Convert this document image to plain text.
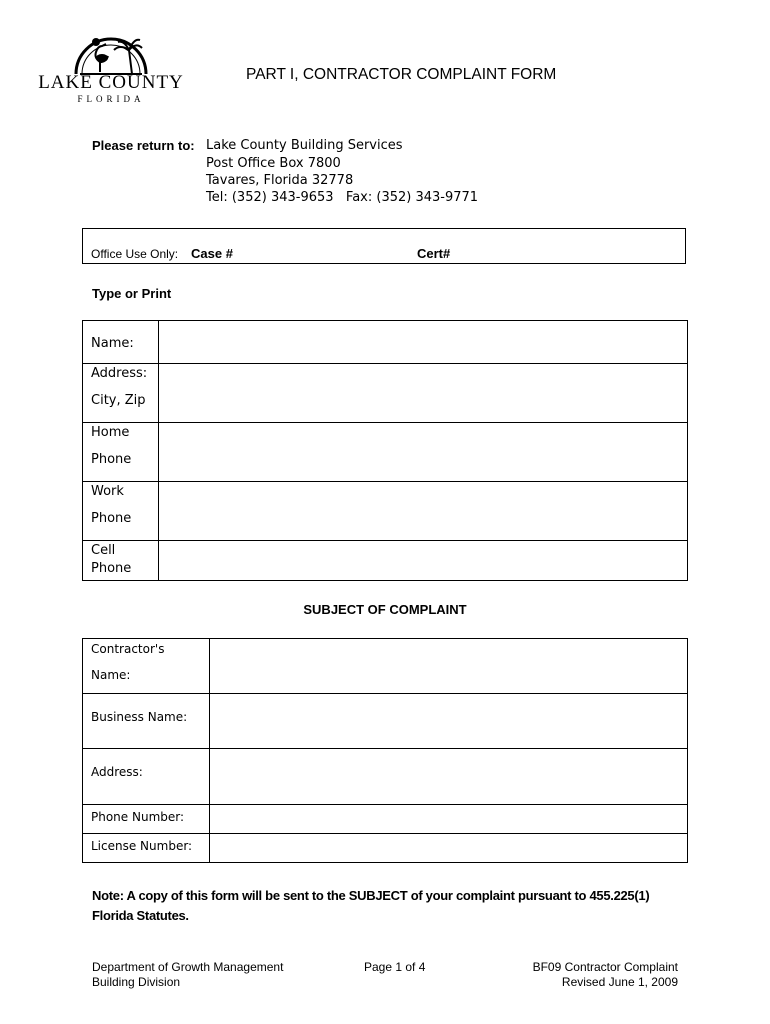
LAKE COUNTY
FLORIDA
PART I, CONTRACTOR COMPLAINT FORM
Please return to: Lake County Building Services
Post Office Box 7800
Tavares, Florida 32778
Tel: (352) 343-9653   Fax: (352) 343-9771
Office Use Only: Case #	Cert#
Type or Print
Name:	

Address:
City, Zip

Home
Phone

Work
Phone

Cell
Phone

SUBJECT OF COMPLAINT
Contractor's
Name:

Business Name:

Address:

Phone Number:

License Number:

Note: A copy of this form will be sent to the SUBJECT of your complaint pursuant to 455.225(1) Florida Statutes.
Department of Growth Management
Building Division
Page 1 of 4	BF09 Contractor Complaint
Revised June 1, 2009
